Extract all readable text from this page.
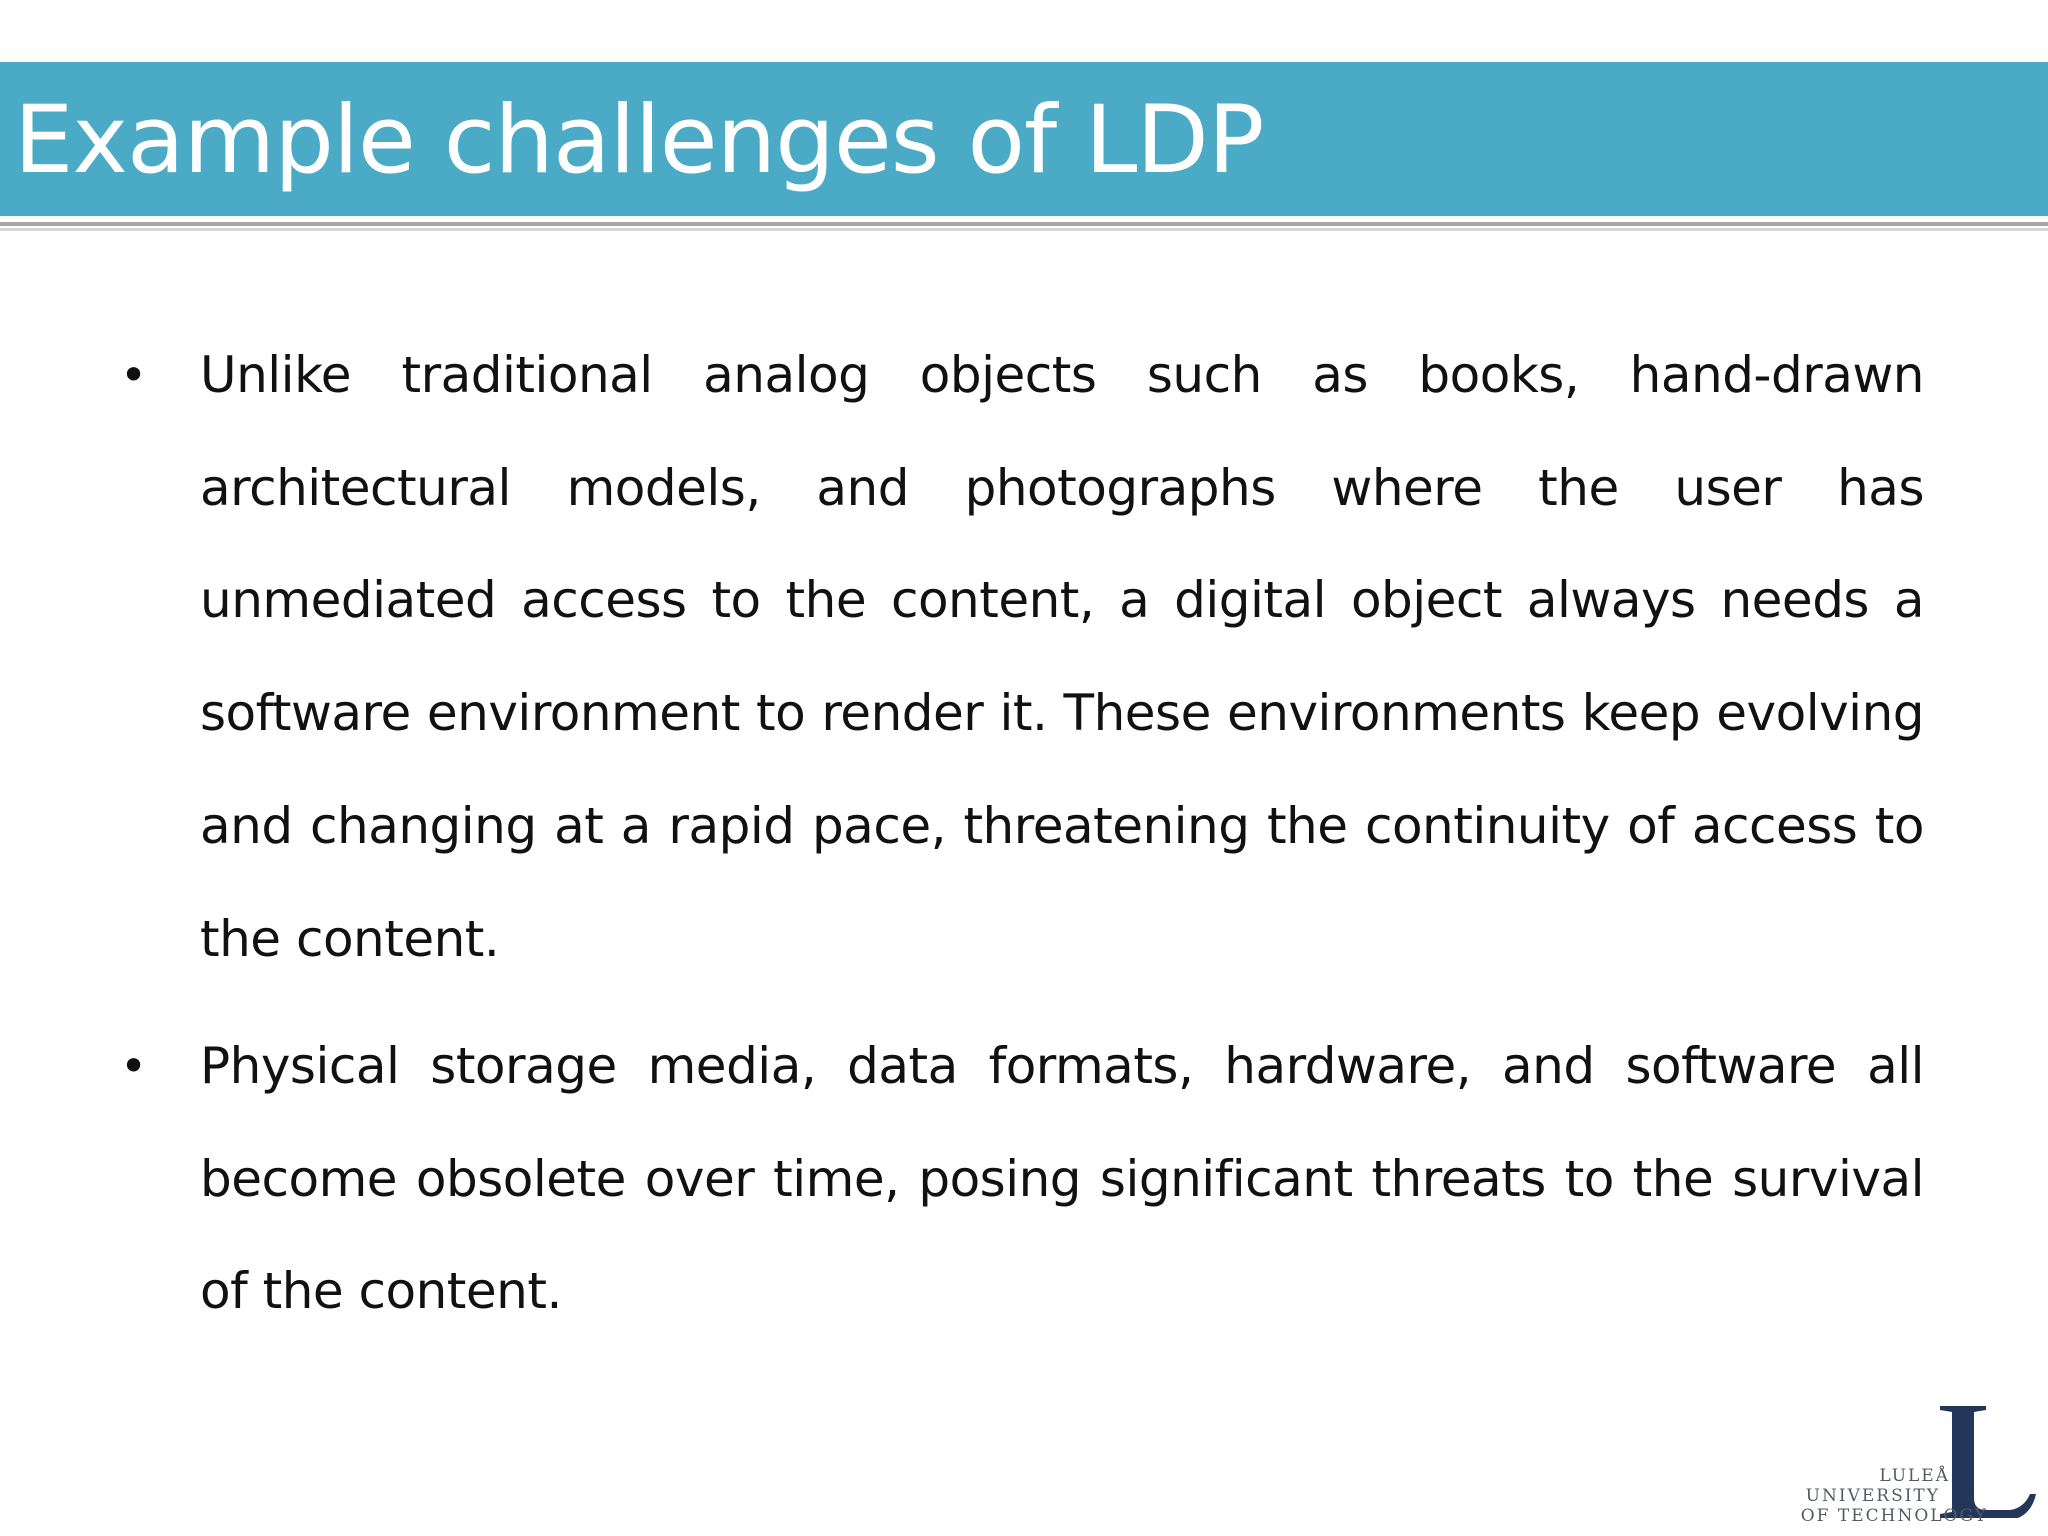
Example challenges of LDP
• Unlike traditional analog objects such as books, hand-drawn architectural models, and photographs where the user has unmediated access to the content, a digital object always needs a software environment to render it. These environments keep evolving and changing at a rapid pace, threatening the continuity of access to the content.
• Physical storage media, data formats, hardware, and software all become obsolete over time, posing significant threats to the survival of the content.
LULEÅ
UNIVERSITY
OF TECHNOLOGY
